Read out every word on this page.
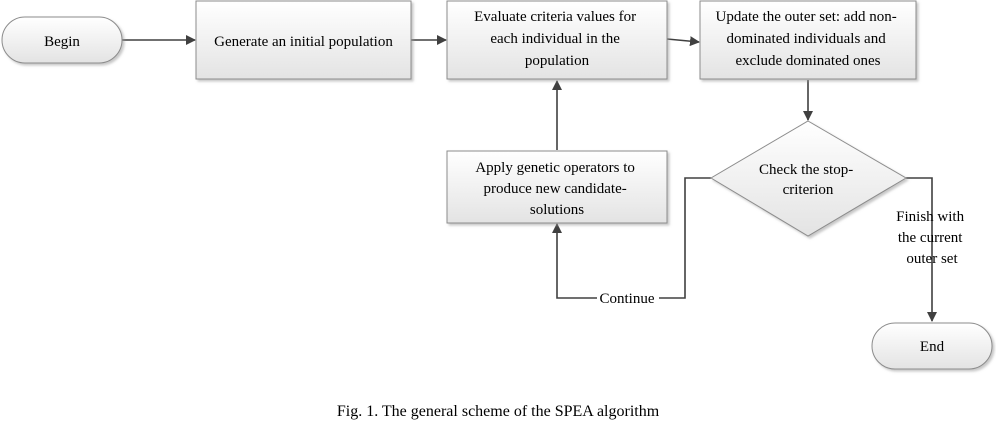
Begin	Generate an initial population
Evaluate criteria values for each individual in the population
Update the outer set: add non- dominated individuals and exclude dominated ones
Check the stop- criterion
Apply genetic operators to produce new candidate- solutions	Finish with the current outer set
Continue
End
Fig. 1. The general scheme of the SPEA algorithm
